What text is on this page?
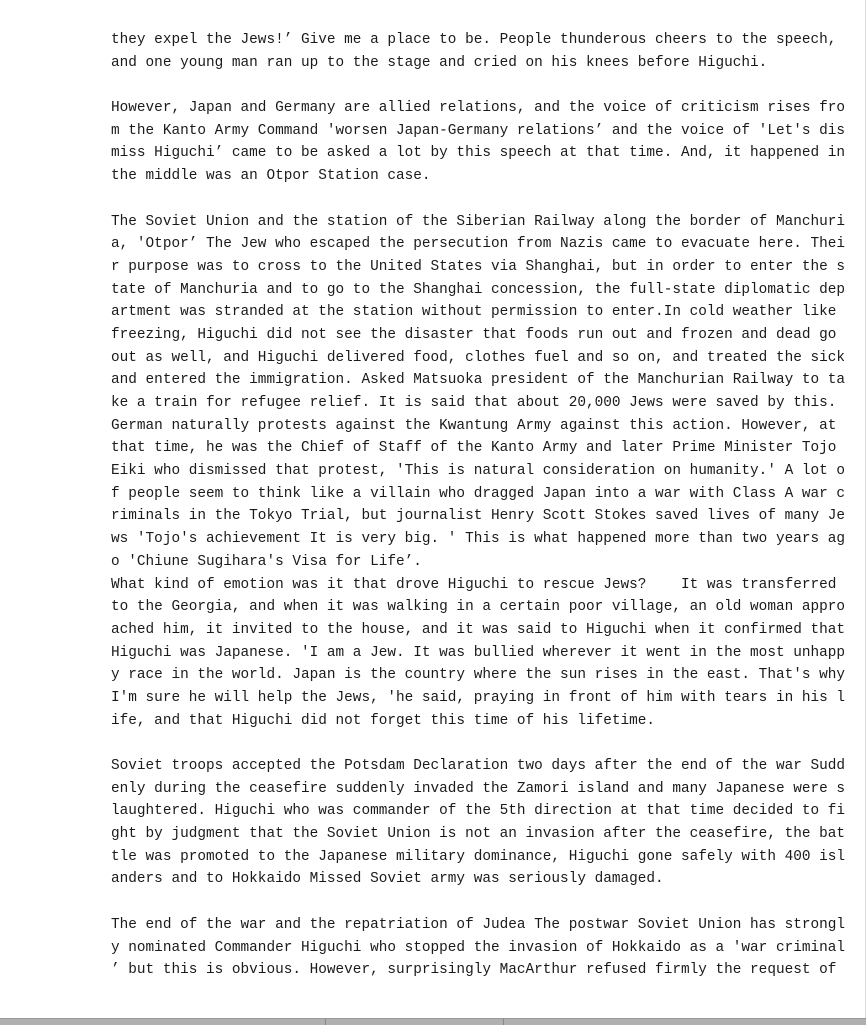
they expel the Jews!’ Give me a place to be. People thunderous cheers to the speech,
and one young man ran up to the stage and cried on his knees before Higuchi.
However, Japan and Germany are allied relations, and the voice of criticism rises fro
m the Kanto Army Command 'worsen Japan-Germany relations’ and the voice of 'Let's dis
miss Higuchi’ came to be asked a lot by this speech at that time. And, it happened in
the middle was an Otpor Station case.
The Soviet Union and the station of the Siberian Railway along the border of Manchuri
a, 'Otpor’ The Jew who escaped the persecution from Nazis came to evacuate here. Thei
r purpose was to cross to the United States via Shanghai, but in order to enter the s
tate of Manchuria and to go to the Shanghai concession, the full-state diplomatic dep
artment was stranded at the station without permission to enter.In cold weather like
freezing, Higuchi did not see the disaster that foods run out and frozen and dead go
out as well, and Higuchi delivered food, clothes fuel and so on, and treated the sick
and entered the immigration. Asked Matsuoka president of the Manchurian Railway to ta
ke a train for refugee relief. It is said that about 20,000 Jews were saved by this.
German naturally protests against the Kwantung Army against this action. However, at
that time, he was the Chief of Staff of the Kanto Army and later Prime Minister Tojo
Eiki who dismissed that protest, 'This is natural consideration on humanity.' A lot o
f people seem to think like a villain who dragged Japan into a war with Class A war c
riminals in the Tokyo Trial, but journalist Henry Scott Stokes saved lives of many Je
ws 'Tojo's achievement It is very big. ' This is what happened more than two years ag
o 'Chiune Sugihara's Visa for Life’.
What kind of emotion was it that drove Higuchi to rescue Jews?    It was transferred
to the Georgia, and when it was walking in a certain poor village, an old woman appro
ached him, it invited to the house, and it was said to Higuchi when it confirmed that
Higuchi was Japanese. 'I am a Jew. It was bullied wherever it went in the most unhapp
y race in the world. Japan is the country where the sun rises in the east. That's why
I'm sure he will help the Jews, 'he said, praying in front of him with tears in his l
ife, and that Higuchi did not forget this time of his lifetime.
Soviet troops accepted the Potsdam Declaration two days after the end of the war Sudd
enly during the ceasefire suddenly invaded the Zamori island and many Japanese were s
laughtered. Higuchi who was commander of the 5th direction at that time decided to fi
ght by judgment that the Soviet Union is not an invasion after the ceasefire, the bat
tle was promoted to the Japanese military dominance, Higuchi gone safely with 400 isl
anders and to Hokkaido Missed Soviet army was seriously damaged.
The end of the war and the repatriation of Judea The postwar Soviet Union has strongl
y nominated Commander Higuchi who stopped the invasion of Hokkaido as a 'war criminal
’ but this is obvious. However, surprisingly MacArthur refused firmly the request of
